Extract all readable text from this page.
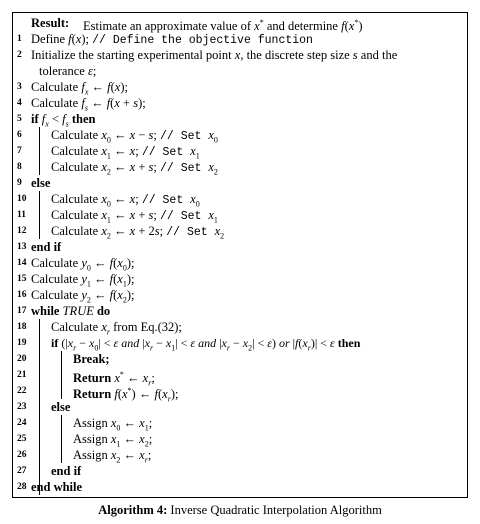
Result: Estimate an approximate value of x* and determine f(x*)
1 Define f(x); // Define the objective function
2 Initialize the starting experimental point x, the discrete step size s and the
tolerance ε;
3 Calculate $f_x$ ← f(x);
4 Calculate $f_s$ ← f(x + s);
5 if $f_x < f_s$ then
6	Calculate $x_0$ ← x − s; // Set $x_0$
7	Calculate $x_1$ ← x; // Set $x_1$
8	Calculate $x_2$ ← x + s; // Set $x_2$
9 else
10	Calculate $x_0$ ← x; // Set $x_0$
11	Calculate $x_1$ ← x + s; // Set $x_1$
12	Calculate $x_2$ ← x + 2s; // Set $x_2$
13 end if
14 Calculate $y_0$ ← $f(x_0)$;
15 Calculate $y_1$ ← $f(x_1)$;
16 Calculate $y_2$ ← $f(x_2)$;
17 while TRUE do
18	Calculate $x_r$ from Eq.(32);
19	if ($|x_r - x_0| < \varepsilon$ and $|x_r - x_1| < \varepsilon$ and $|x_r - x_2| < \varepsilon$) or $|f(x_r)| < \varepsilon$ then
20	Break;
21	Return x* ← $x_r$;
22	Return f(x*) ← $f(x_r)$;
23	else
24	Assign $x_0$ ← $x_1$;
25	Assign $x_1$ ← $x_2$;
26	Assign $x_2$ ← $x_r$;
27	end if
28 end while
Algorithm 4: Inverse Quadratic Interpolation Algorithm
